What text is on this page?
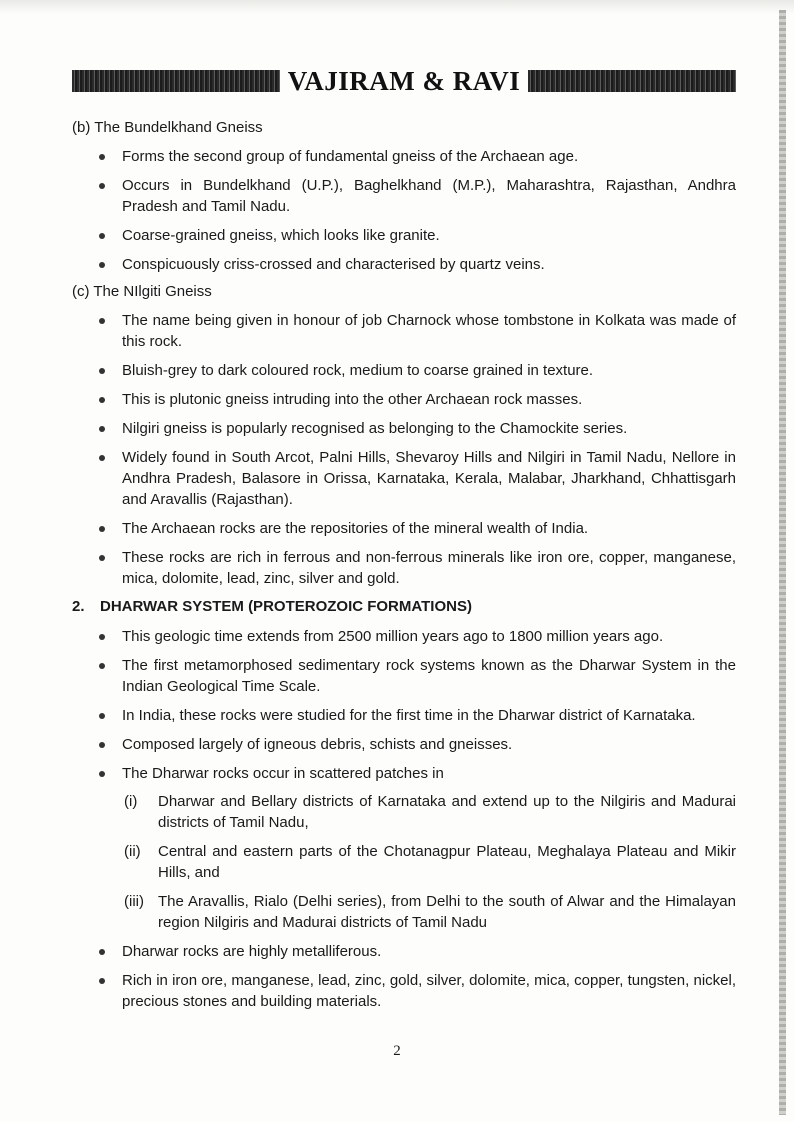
VAJIRAM & RAVI

(b) The Bundelkhand Gneiss

Forms the second group of fundamental gneiss of the Archaean age.
Occurs in Bundelkhand (U.P.), Baghelkhand (M.P.), Maharashtra, Rajasthan, Andhra Pradesh and Tamil Nadu.
Coarse-grained gneiss, which looks like granite.
Conspicuously criss-crossed and characterised by quartz veins.

(c) The NIlgiti Gneiss

The name being given in honour of job Charnock whose tombstone in Kolkata was made of this rock.
Bluish-grey to dark coloured rock, medium to coarse grained in texture.
This is plutonic gneiss intruding into the other Archaean rock masses.
Nilgiri gneiss is popularly recognised as belonging to the Chamockite series.
Widely found in South Arcot, Palni Hills, Shevaroy Hills and Nilgiri in Tamil Nadu, Nellore in Andhra Pradesh, Balasore in Orissa, Karnataka, Kerala, Malabar, Jharkhand, Chhattisgarh and Aravallis (Rajasthan).
The Archaean rocks are the repositories of the mineral wealth of India.
These rocks are rich in ferrous and non-ferrous minerals like iron ore, copper, manganese, mica, dolomite, lead, zinc, silver and gold.
2.	DHARWAR SYSTEM (PROTEROZOIC FORMATIONS)
This geologic time extends from 2500 million years ago to 1800 million years ago.
The first metamorphosed sedimentary rock systems known as the Dharwar System in the Indian Geological Time Scale.
In India, these rocks were studied for the first time in the Dharwar district of Karnataka.
Composed largely of igneous debris, schists and gneisses.
The Dharwar rocks occur in scattered patches in
(i) Dharwar and Bellary districts of Karnataka and extend up to the Nilgiris and Madurai districts of Tamil Nadu,
(ii) Central and eastern parts of the Chotanagpur Plateau, Meghalaya Plateau and Mikir Hills, and
(iii) The Aravallis, Rialo (Delhi series), from Delhi to the south of Alwar and the Himalayan region Nilgiris and Madurai districts of Tamil Nadu
Dharwar rocks are highly metalliferous.
Rich in iron ore, manganese, lead, zinc, gold, silver, dolomite, mica, copper, tungsten, nickel, precious stones and building materials.
2
